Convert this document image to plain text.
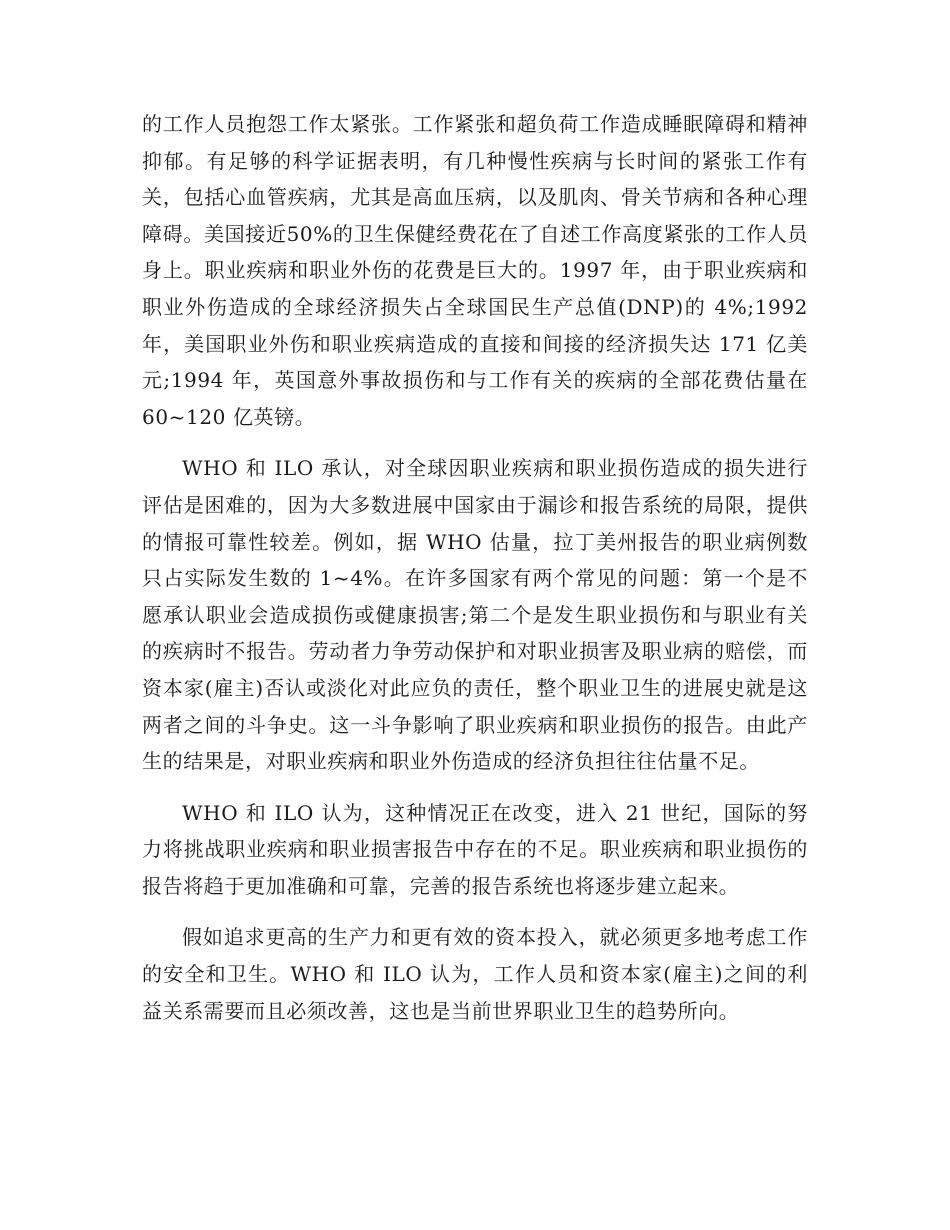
的工作人员抱怨工作太紧张。工作紧张和超负荷工作造成睡眠障碍和精神抑郁。有足够的科学证据表明，有几种慢性疾病与长时间的紧张工作有关，包括心血管疾病，尤其是高血压病，以及肌肉、骨关节病和各种心理障碍。美国接近50%的卫生保健经费花在了自述工作高度紧张的工作人员身上。职业疾病和职业外伤的花费是巨大的。1997 年，由于职业疾病和职业外伤造成的全球经济损失占全球国民生产总值(DNP)的 4%;1992 年，美国职业外伤和职业疾病造成的直接和间接的经济损失达 171 亿美元;1994 年，英国意外事故损伤和与工作有关的疾病的全部花费估量在 60~120 亿英镑。

WHO 和 ILO 承认，对全球因职业疾病和职业损伤造成的损失进行评估是困难的，因为大多数进展中国家由于漏诊和报告系统的局限，提供的情报可靠性较差。例如，据 WHO 估量，拉丁美州报告的职业病例数只占实际发生数的 1~4%。在许多国家有两个常见的问题：第一个是不愿承认职业会造成损伤或健康损害;第二个是发生职业损伤和与职业有关的疾病时不报告。劳动者力争劳动保护和对职业损害及职业病的赔偿，而资本家(雇主)否认或淡化对此应负的责任，整个职业卫生的进展史就是这两者之间的斗争史。这一斗争影响了职业疾病和职业损伤的报告。由此产生的结果是，对职业疾病和职业外伤造成的经济负担往往估量不足。

WHO 和 ILO 认为，这种情况正在改变，进入 21 世纪，国际的努力将挑战职业疾病和职业损害报告中存在的不足。职业疾病和职业损伤的报告将趋于更加准确和可靠，完善的报告系统也将逐步建立起来。

假如追求更高的生产力和更有效的资本投入，就必须更多地考虑工作的安全和卫生。WHO 和 ILO 认为，工作人员和资本家(雇主)之间的利益关系需要而且必须改善，这也是当前世界职业卫生的趋势所向。
